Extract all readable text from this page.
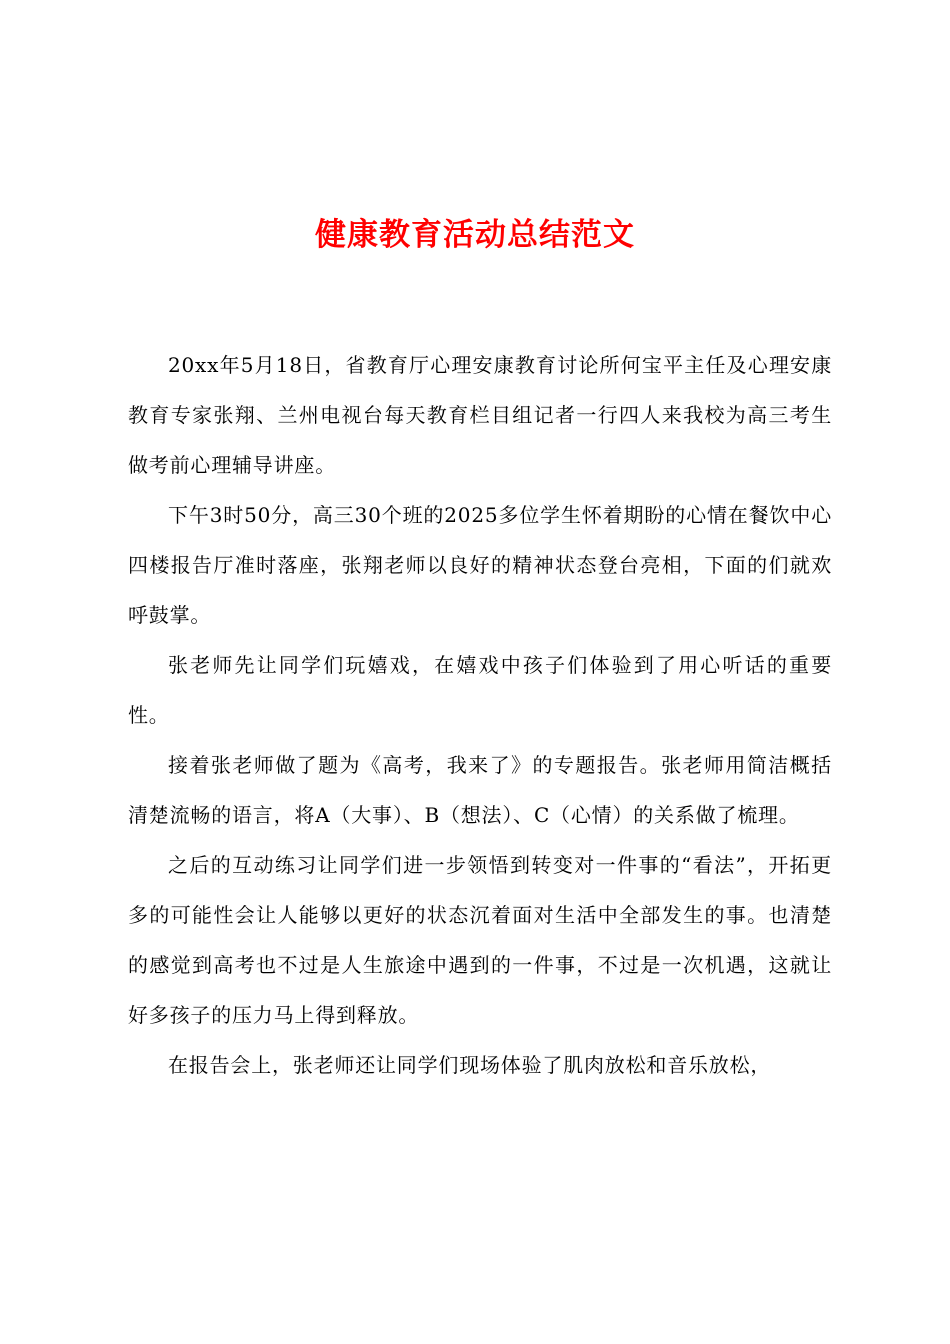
健康教育活动总结范文

20xx年5月18日，省教育厅心理安康教育讨论所何宝平主任及心理安康教育专家张翔、兰州电视台每天教育栏目组记者一行四人来我校为高三考生做考前心理辅导讲座。

下午3时50分，高三30个班的2025多位学生怀着期盼的心情在餐饮中心四楼报告厅准时落座，张翔老师以良好的精神状态登台亮相，下面的们就欢呼鼓掌。

张老师先让同学们玩嬉戏，在嬉戏中孩子们体验到了用心听话的重要性。

接着张老师做了题为《高考，我来了》的专题报告。张老师用简洁概括清楚流畅的语言，将A（大事）、B（想法）、C（心情）的关系做了梳理。

之后的互动练习让同学们进一步领悟到转变对一件事的“看法”，开拓更多的可能性会让人能够以更好的状态沉着面对生活中全部发生的事。也清楚的感觉到高考也不过是人生旅途中遇到的一件事，不过是一次机遇，这就让好多孩子的压力马上得到释放。

在报告会上，张老师还让同学们现场体验了肌肉放松和音乐放松，
